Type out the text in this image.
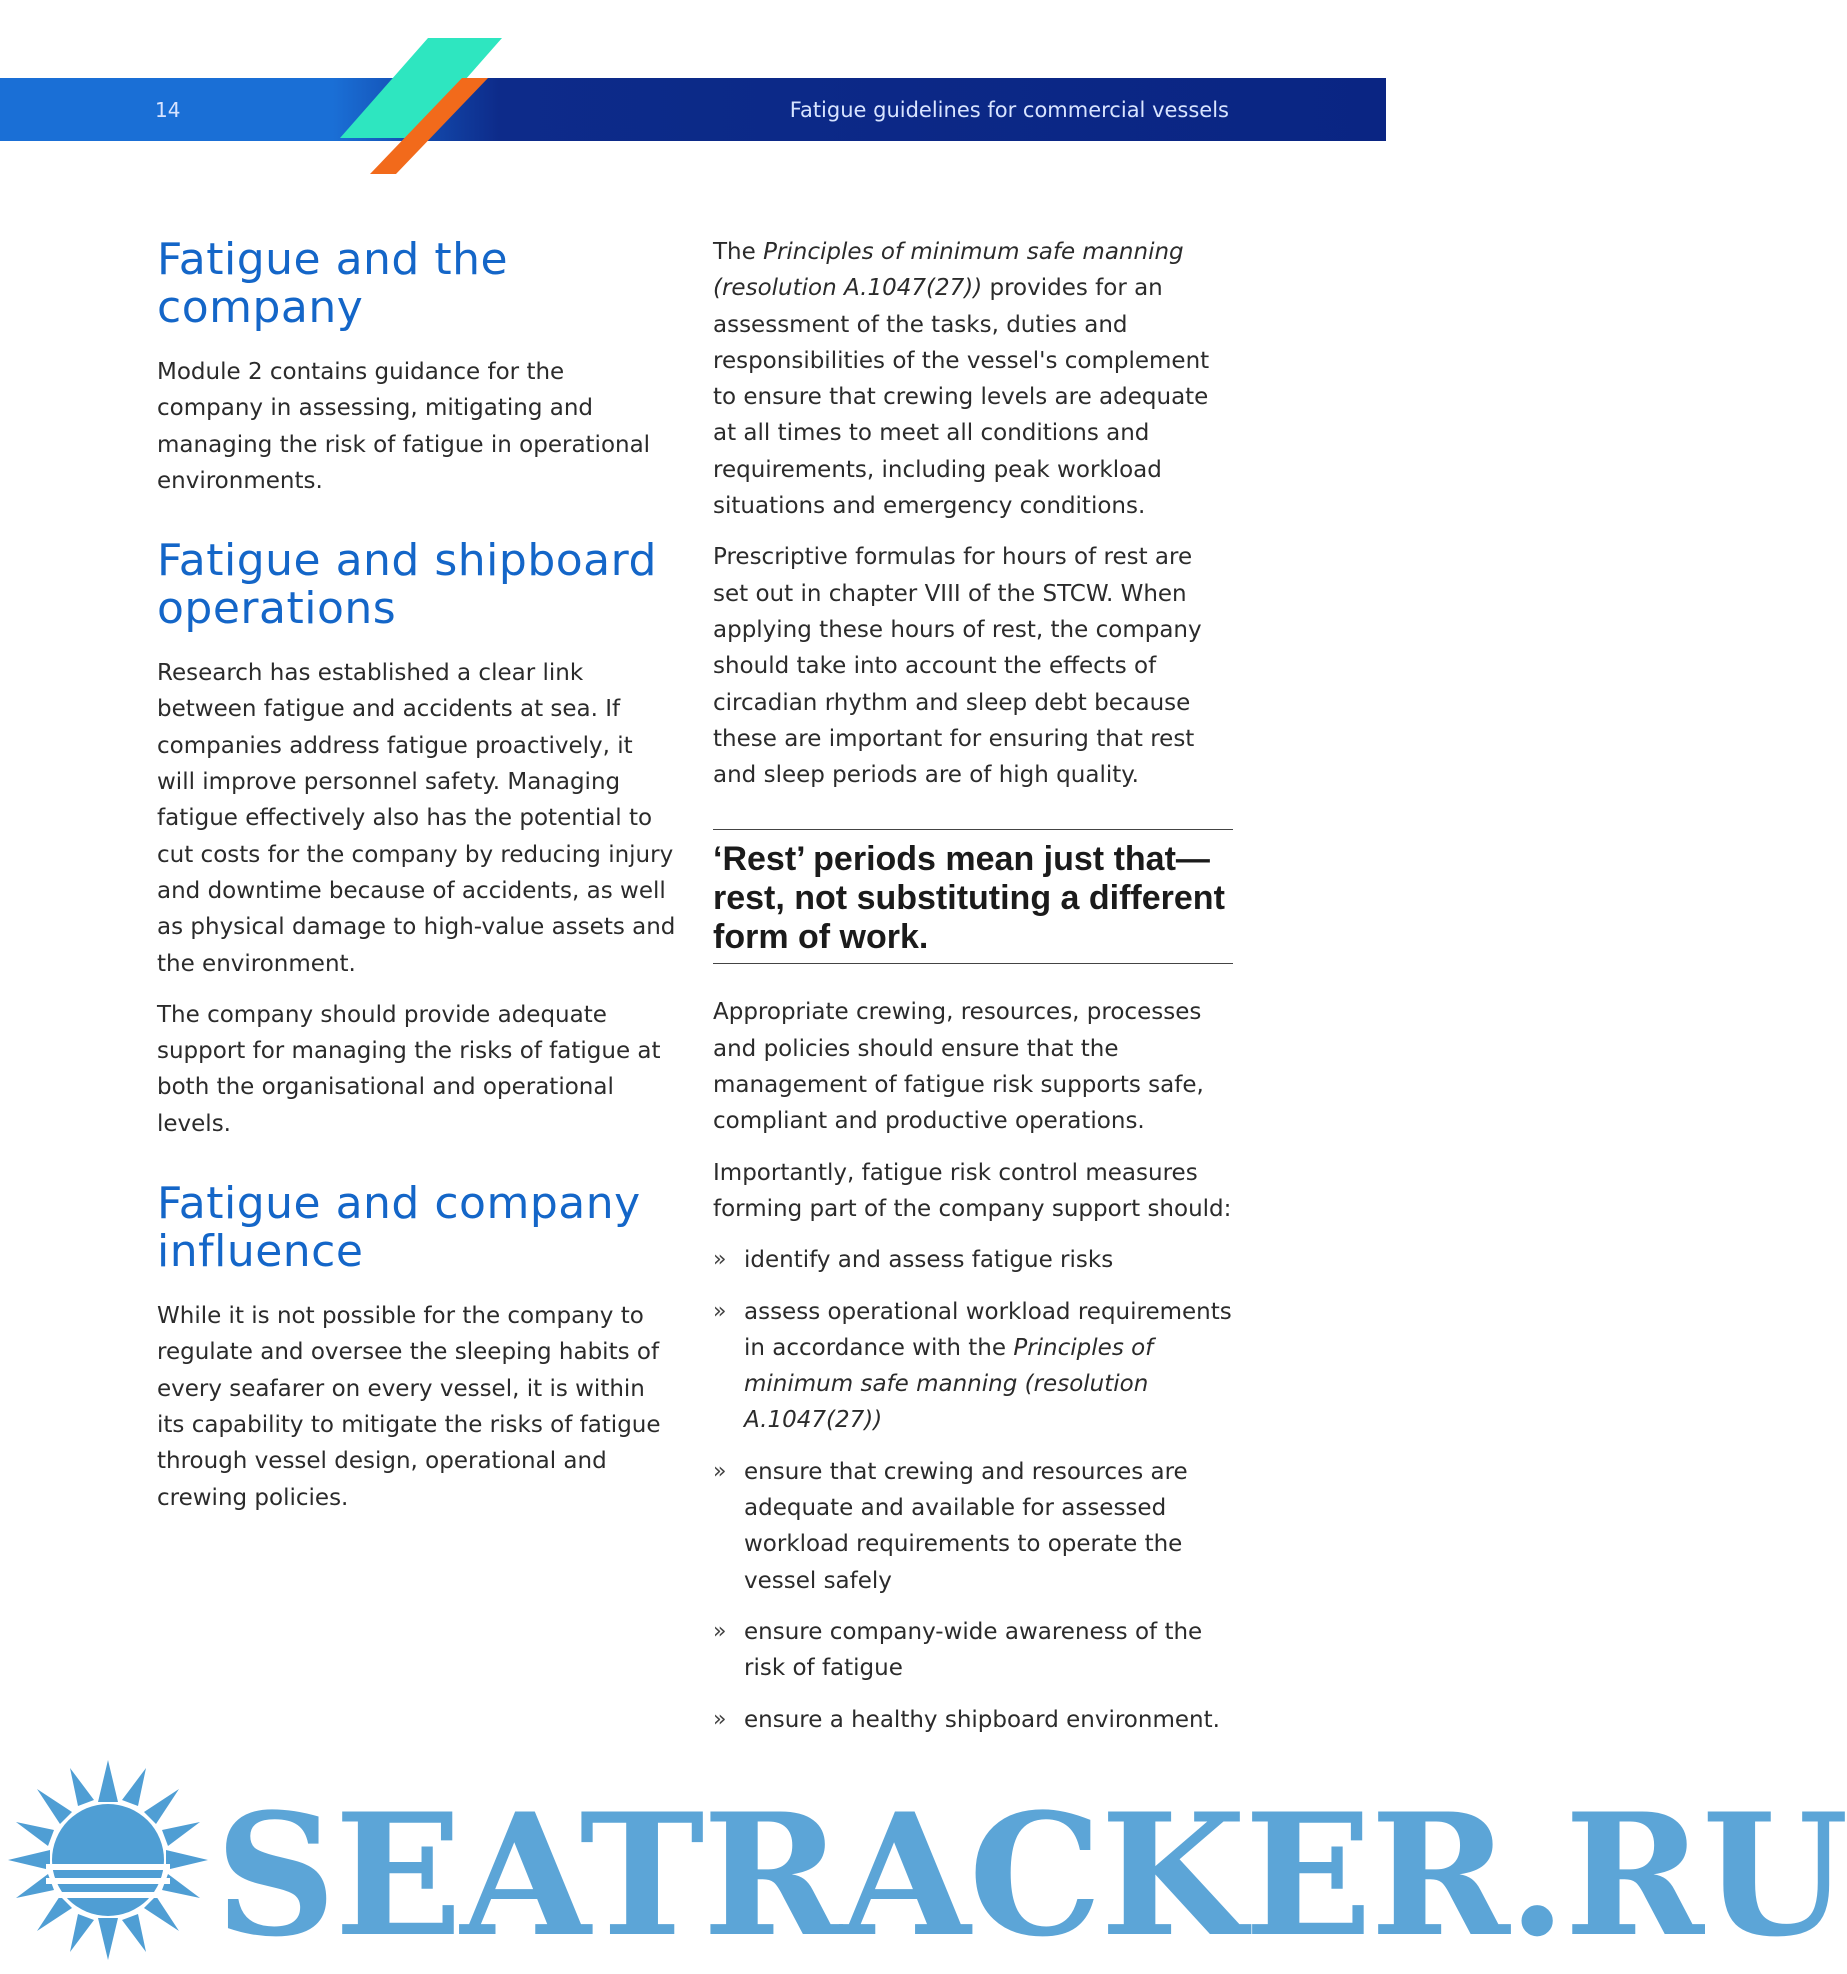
14	Fatigue guidelines for commercial vessels
Fatigue and the
company

Module 2 contains guidance for the company in assessing, mitigating and managing the risk of fatigue in operational environments.

Fatigue and shipboard
operations

Research has established a clear link between fatigue and accidents at sea. If companies address fatigue proactively, it will improve personnel safety. Managing fatigue effectively also has the potential to cut costs for the company by reducing injury and downtime because of accidents, as well as physical damage to high-value assets and the environment.

The company should provide adequate support for managing the risks of fatigue at both the organisational and operational levels.

Fatigue and company
influence

While it is not possible for the company to regulate and oversee the sleeping habits of every seafarer on every vessel, it is within its capability to mitigate the risks of fatigue through vessel design, operational and crewing policies.

The Principles of minimum safe manning (resolution A.1047(27)) provides for an assessment of the tasks, duties and responsibilities of the vessel's complement to ensure that crewing levels are adequate at all times to meet all conditions and requirements, including peak workload situations and emergency conditions.

Prescriptive formulas for hours of rest are set out in chapter VIII of the STCW. When applying these hours of rest, the company should take into account the effects of circadian rhythm and sleep debt because these are important for ensuring that rest and sleep periods are of high quality.

‘Rest’ periods mean just that—rest, not substituting a different form of work.

Appropriate crewing, resources, processes and policies should ensure that the management of fatigue risk supports safe, compliant and productive operations.

Importantly, fatigue risk control measures forming part of the company support should:

» identify and assess fatigue risks
» assess operational workload requirements in accordance with the Principles of minimum safe manning (resolution A.1047(27))
» ensure that crewing and resources are adequate and available for assessed workload requirements to operate the vessel safely
» ensure company-wide awareness of the risk of fatigue
» ensure a healthy shipboard environment.
SEATRACKER.RU
